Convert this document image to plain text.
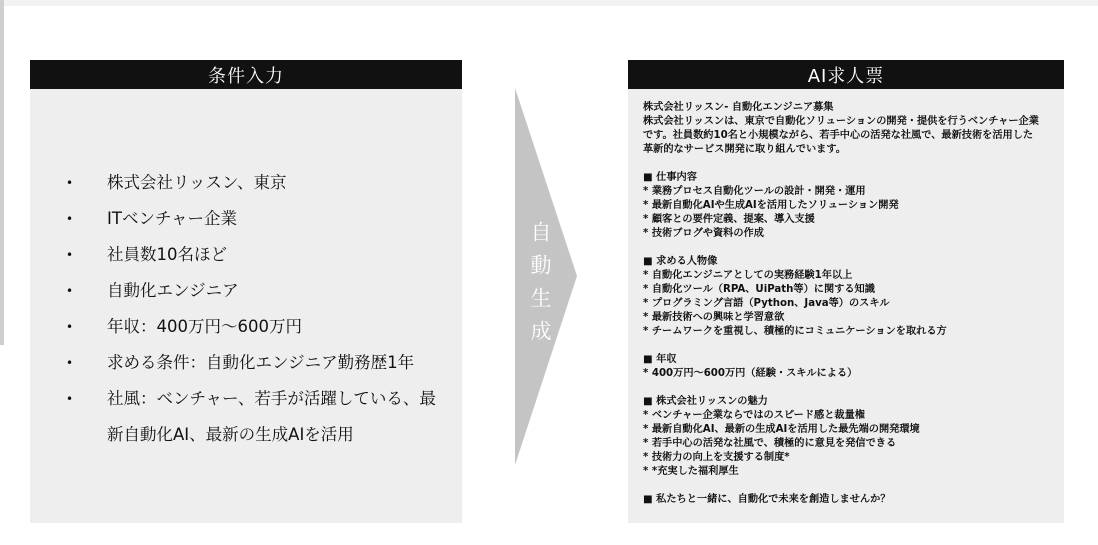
条件入力
•	株式会社リッスン、東京
•	ITベンチャー企業
•	社員数10名ほど
•	自動化エンジニア
•	年収：400万円～600万円
•	求める条件：自動化エンジニア勤務歴1年
•	社風：ベンチャー、若手が活躍している、最新自動化AI、最新の生成AIを活用
自動生成
AI求人票
株式会社リッスン- 自動化エンジニア募集
株式会社リッスンは、東京で自動化ソリューションの開発・提供を行うベンチャー企業
です。社員数約10名と小規模ながら、若手中心の活発な社風で、最新技術を活用した
革新的なサービス開発に取り組んでいます。
■ 仕事内容
* 業務プロセス自動化ツールの設計・開発・運用
* 最新自動化AIや生成AIを活用したソリューション開発
* 顧客との要件定義、提案、導入支援
* 技術ブログや資料の作成
■ 求める人物像
* 自動化エンジニアとしての実務経験1年以上
* 自動化ツール（RPA、UiPath等）に関する知識
* プログラミング言語（Python、Java等）のスキル
* 最新技術への興味と学習意欲
* チームワークを重視し、積極的にコミュニケーションを取れる方
■ 年収
* 400万円〜600万円（経験・スキルによる）
■ 株式会社リッスンの魅力
* ベンチャー企業ならではのスピード感と裁量権
* 最新自動化AI、最新の生成AIを活用した最先端の開発環境
* 若手中心の活発な社風で、積極的に意見を発信できる
* 技術力の向上を支援する制度*
* *充実した福利厚生
■ 私たちと一緒に、自動化で未来を創造しませんか？
